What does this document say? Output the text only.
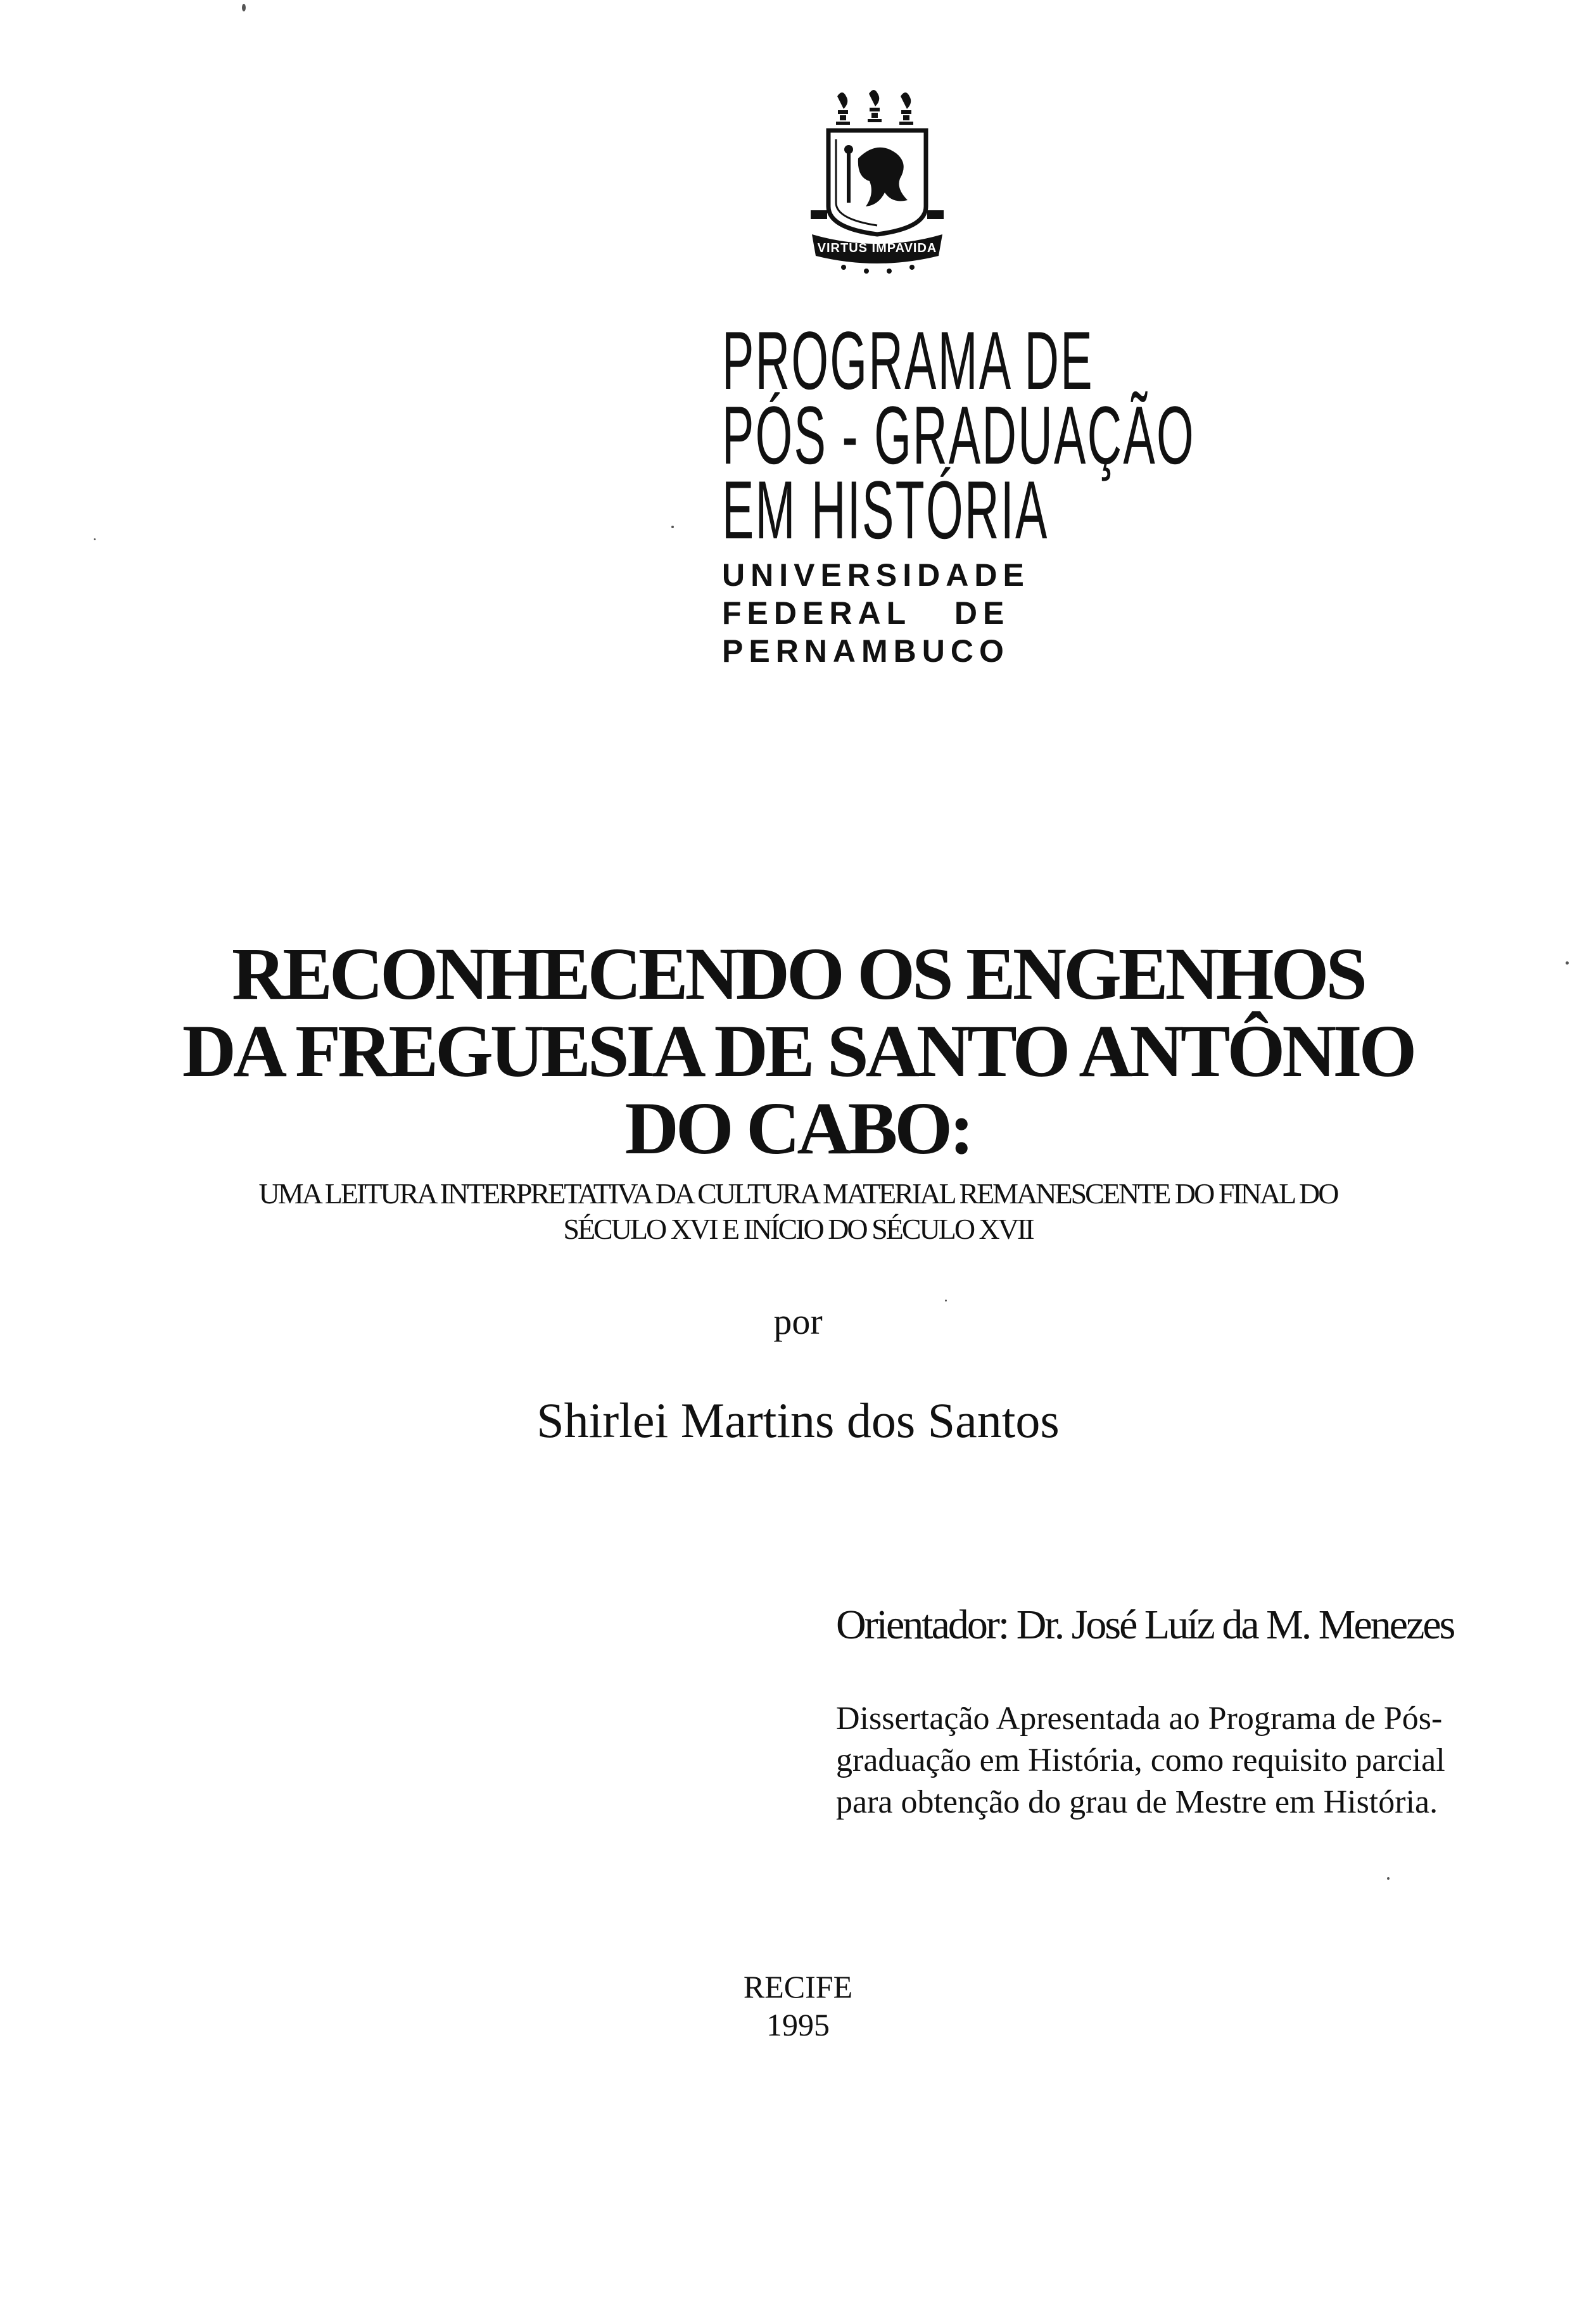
VIRTUS IMPAVIDA
PROGRAMA DE
PÓS - GRADUAÇÃO
EM HISTÓRIA
UNIVERSIDADE
FEDERAL   DE
PERNAMBUCO
RECONHECENDO OS ENGENHOS
DA FREGUESIA DE SANTO ANTÔNIO
DO CABO:
UMA LEITURA INTERPRETATIVA DA CULTURA MATERIAL REMANESCENTE DO FINAL DO
SÉCULO XVI E INÍCIO DO SÉCULO XVII
por
Shirlei Martins dos Santos
Orientador: Dr. José Luíz da M. Menezes
Dissertação Apresentada ao Programa de Pós-
graduação em História, como requisito parcial
para obtenção do grau de Mestre em História.
RECIFE
1995
